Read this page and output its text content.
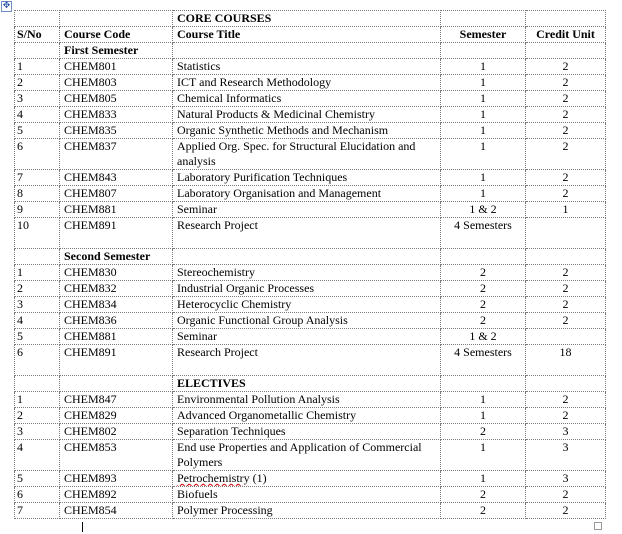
✥
		CORE COURSES		
S/No	Course Code	Course Title	Semester	Credit Unit
	First Semester			
1	CHEM801	Statistics	1	2
2	CHEM803	ICT and Research Methodology	1	2
3	CHEM805	Chemical Informatics	1	2
4	CHEM833	Natural Products & Medicinal Chemistry	1	2
5	CHEM835	Organic Synthetic Methods and Mechanism	1	2
6	CHEM837	Applied Org. Spec. for Structural Elucidation and analysis	1	2
7	CHEM843	Laboratory Purification Techniques	1	2
8	CHEM807	Laboratory Organisation and Management	1	2
9	CHEM881	Seminar	1 & 2	1
10	CHEM891	Research Project	4 Semesters	
	Second Semester			
1	CHEM830	Stereochemistry	2	2
2	CHEM832	Industrial Organic Processes	2	2
3	CHEM834	Heterocyclic Chemistry	2	2
4	CHEM836	Organic Functional Group Analysis	2	2
5	CHEM881	Seminar	1 & 2	
6	CHEM891	Research Project	4 Semesters	18
		ELECTIVES		
1	CHEM847	Environmental Pollution Analysis	1	2
2	CHEM829	Advanced Organometallic Chemistry	1	2
3	CHEM802	Separation Techniques	2	3
4	CHEM853	End use Properties and Application of Commercial Polymers	1	3
5	CHEM893	Petrochemistry (1)	1	3
6	CHEM892	Biofuels	2	2
7	CHEM854	Polymer Processing	2	2
